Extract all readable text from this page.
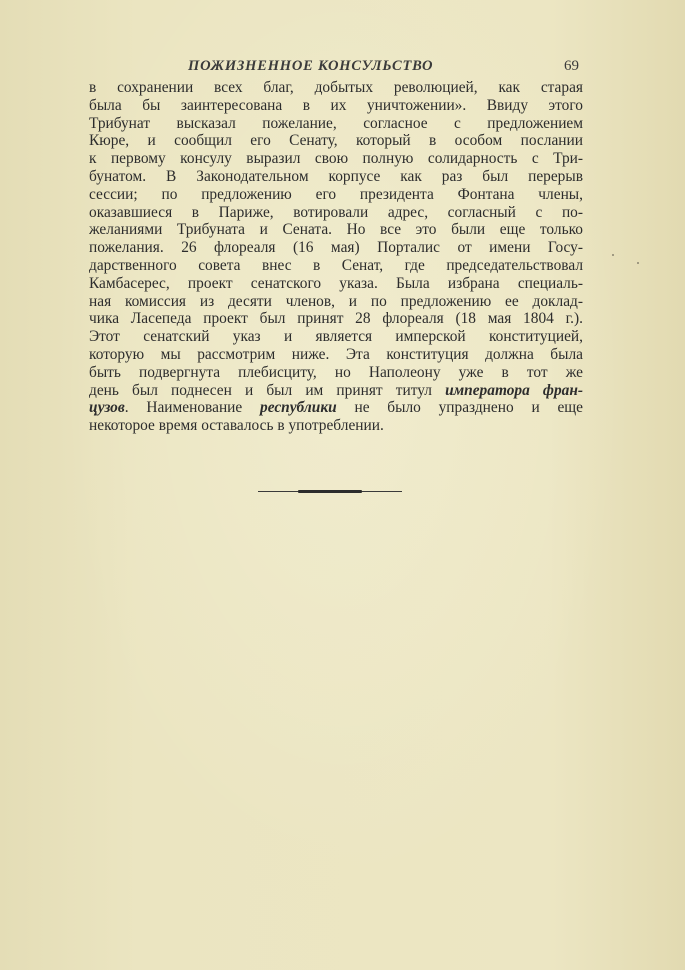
ПОЖИЗНЕННОЕ КОНСУЛЬСТВО	69
в сохранении всех благ, добытых революцией, как старая
была бы заинтересована в их уничтожении». Ввиду этого
Трибунат высказал пожелание, согласное с предложением
Кюре, и сообщил его Сенату, который в особом послании
к первому консулу выразил свою полную солидарность с Три-
бунатом. В Законодательном корпусе как раз был перерыв
сессии; по предложению его президента Фонтана члены,
оказавшиеся в Париже, вотировали адрес, согласный с по-
желаниями Трибуната и Сената. Но все это были еще только
пожелания. 26 флореаля (16 мая) Порталис от имени Госу-
дарственного совета внес в Сенат, где председательствовал
Камбасерес, проект сенатского указа. Была избрана специаль-
ная комиссия из десяти членов, и по предложению ее доклад-
чика Ласепеда проект был принят 28 флореаля (18 мая 1804 г.).
Этот сенатский указ и является имперской конституцией,
которую мы рассмотрим ниже. Эта конституция должна была
быть подвергнута плебисциту, но Наполеону уже в тот же
день был поднесен и был им принят титул императора фран-
цузов. Наименование республики не было упразднено и еще
некоторое время оставалось в употреблении.
